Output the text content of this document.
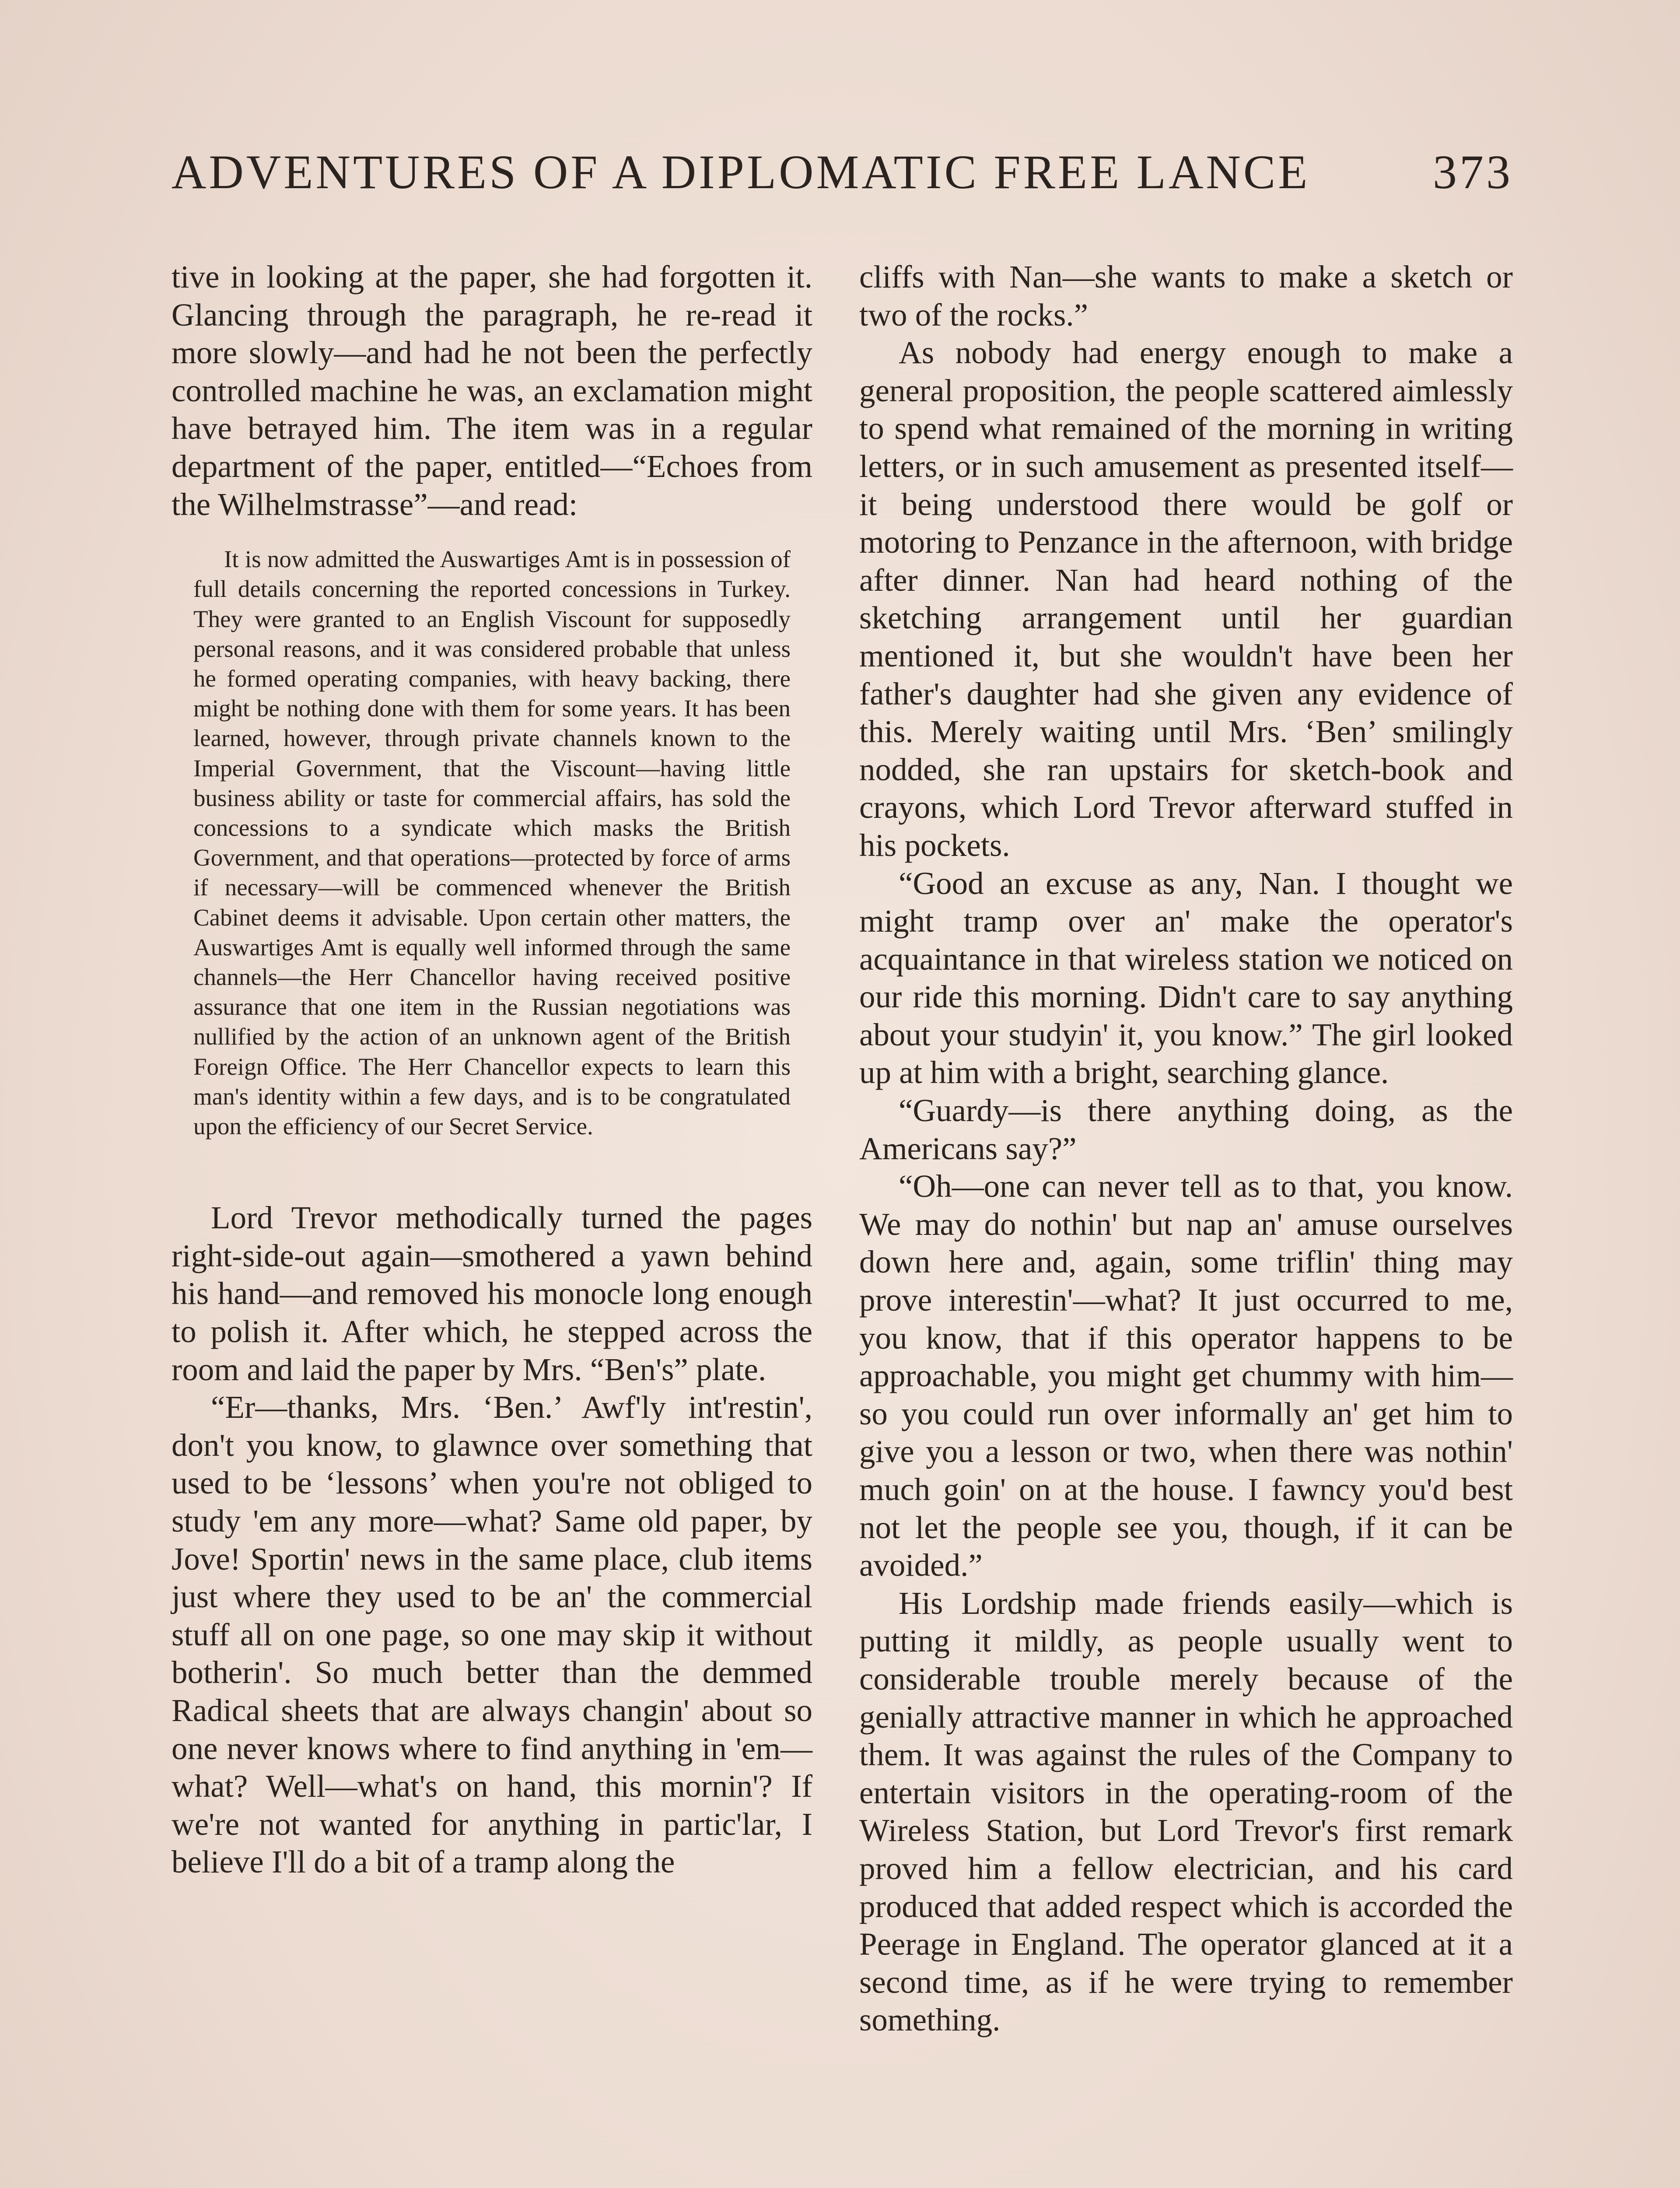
ADVENTURES OF A DIPLOMATIC FREE LANCE	373

tive in looking at the paper, she had forgotten it. Glancing through the paragraph, he re-read it more slowly—and had he not been the perfectly controlled machine he was, an exclamation might have betrayed him. The item was in a regular department of the paper, entitled—“Echoes from the Wilhelmstrasse”—and read:

It is now admitted the Auswartiges Amt is in possession of full details concerning the reported concessions in Turkey. They were granted to an English Viscount for supposedly personal reasons, and it was considered probable that unless he formed operating companies, with heavy backing, there might be nothing done with them for some years. It has been learned, however, through private channels known to the Imperial Government, that the Viscount—having little business ability or taste for commercial affairs, has sold the concessions to a syndicate which masks the British Government, and that operations—protected by force of arms if necessary—will be commenced whenever the British Cabinet deems it advisable. Upon certain other matters, the Auswartiges Amt is equally well informed through the same channels—the Herr Chancellor having received positive assurance that one item in the Russian negotiations was nullified by the action of an unknown agent of the British Foreign Office. The Herr Chancellor expects to learn this man's identity within a few days, and is to be congratulated upon the efficiency of our Secret Service.

Lord Trevor methodically turned the pages right-side-out again—smothered a yawn behind his hand—and removed his monocle long enough to polish it. After which, he stepped across the room and laid the paper by Mrs. “Ben's” plate.

“Er—thanks, Mrs. ‘Ben.’ Awf'ly int'restin', don't you know, to glawnce over something that used to be ‘lessons’ when you're not obliged to study 'em any more—what? Same old paper, by Jove! Sportin' news in the same place, club items just where they used to be an' the commercial stuff all on one page, so one may skip it without botherin'. So much better than the demmed Radical sheets that are always changin' about so one never knows where to find anything in 'em—what? Well—what's on hand, this mornin'? If we're not wanted for anything in partic'lar, I believe I'll do a bit of a tramp along the

cliffs with Nan—she wants to make a sketch or two of the rocks.”

As nobody had energy enough to make a general proposition, the people scattered aimlessly to spend what remained of the morning in writing letters, or in such amusement as presented itself—it being understood there would be golf or motoring to Penzance in the afternoon, with bridge after dinner. Nan had heard nothing of the sketching arrangement until her guardian mentioned it, but she wouldn't have been her father's daughter had she given any evidence of this. Merely waiting until Mrs. ‘Ben’ smilingly nodded, she ran upstairs for sketch-book and crayons, which Lord Trevor afterward stuffed in his pockets.

“Good an excuse as any, Nan. I thought we might tramp over an' make the operator's acquaintance in that wireless station we noticed on our ride this morning. Didn't care to say anything about your studyin' it, you know.” The girl looked up at him with a bright, searching glance.

“Guardy—is there anything doing, as the Americans say?”

“Oh—one can never tell as to that, you know. We may do nothin' but nap an' amuse ourselves down here and, again, some triflin' thing may prove interestin'—what? It just occurred to me, you know, that if this operator happens to be approachable, you might get chummy with him—so you could run over informally an' get him to give you a lesson or two, when there was nothin' much goin' on at the house. I fawncy you'd best not let the people see you, though, if it can be avoided.”

His Lordship made friends easily—which is putting it mildly, as people usually went to considerable trouble merely because of the genially attractive manner in which he approached them. It was against the rules of the Company to entertain visitors in the operating-room of the Wireless Station, but Lord Trevor's first remark proved him a fellow electrician, and his card produced that added respect which is accorded the Peerage in England. The operator glanced at it a second time, as if he were trying to remember something.
